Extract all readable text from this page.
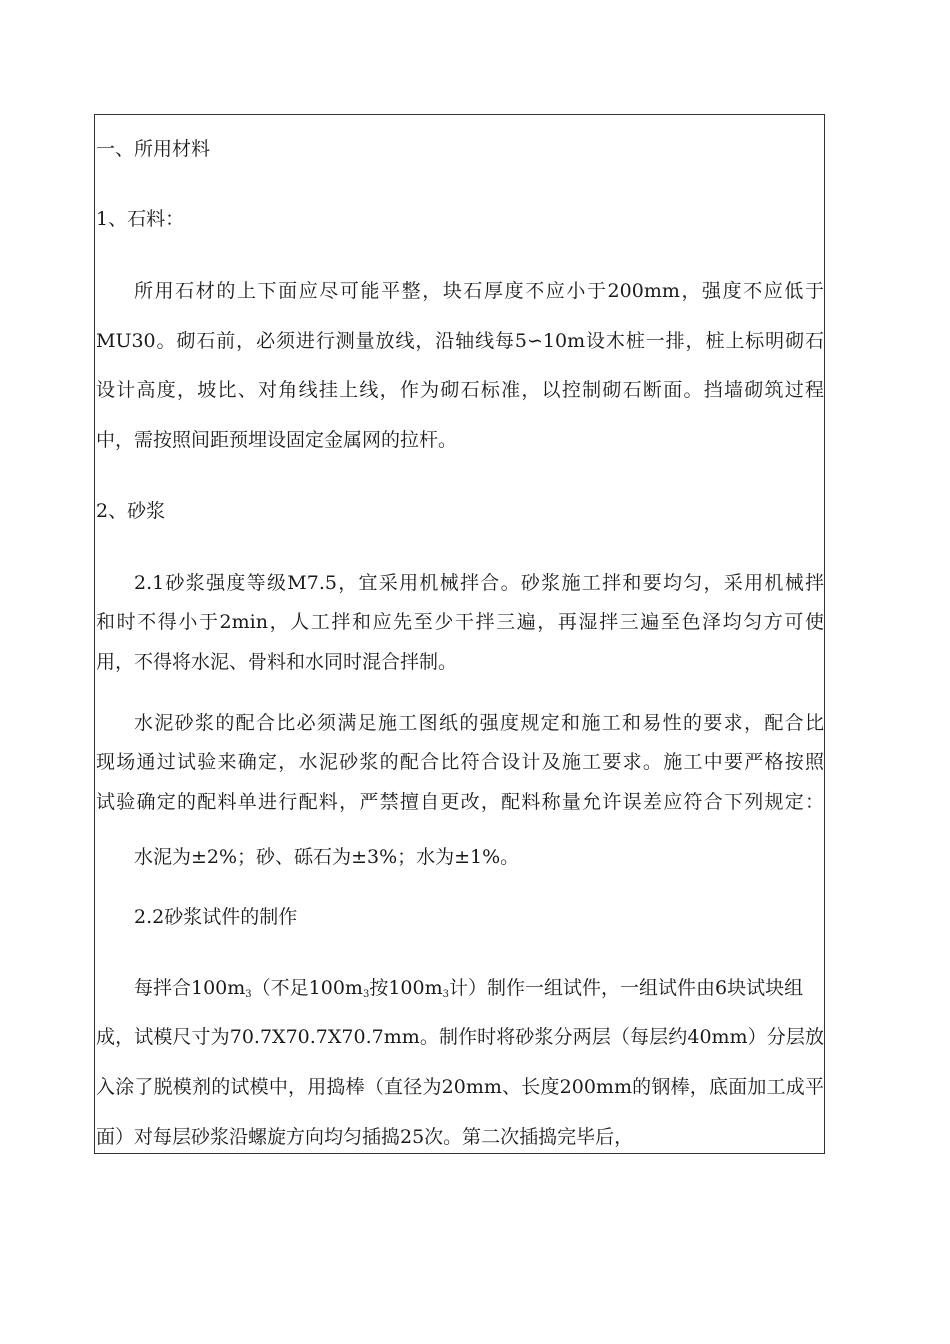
一、所用材料
1、石料：
所用石材的上下面应尽可能平整，块石厚度不应小于200mm，强度不应低于
MU30。砌石前，必须进行测量放线，沿轴线每5∽10m设木桩一排，桩上标明砌石
设计高度，坡比、对角线挂上线，作为砌石标准，以控制砌石断面。挡墙砌筑过程
中，需按照间距预埋设固定金属网的拉杆。
2、砂浆
2.1砂浆强度等级M7.5，宜采用机械拌合。砂浆施工拌和要均匀，采用机械拌
和时不得小于2min，人工拌和应先至少干拌三遍，再湿拌三遍至色泽均匀方可使
用，不得将水泥、骨料和水同时混合拌制。
水泥砂浆的配合比必须满足施工图纸的强度规定和施工和易性的要求，配合比
现场通过试验来确定，水泥砂浆的配合比符合设计及施工要求。施工中要严格按照
试验确定的配料单进行配料，严禁擅自更改，配料称量允许误差应符合下列规定：
水泥为±2%；砂、砾石为±3%；水为±1%。
2.2砂浆试件的制作
每拌合$100m_3$（不足$100m_3$按$100m_3$计）制作一组试件，一组试件由6块试块组
成，试模尺寸为70.7X70.7X70.7mm。制作时将砂浆分两层（每层约40mm）分层放
入涂了脱模剂的试模中，用捣棒（直径为20mm、长度200mm的钢棒，底面加工成平
面）对每层砂浆沿螺旋方向均匀插捣25次。第二次插捣完毕后，
